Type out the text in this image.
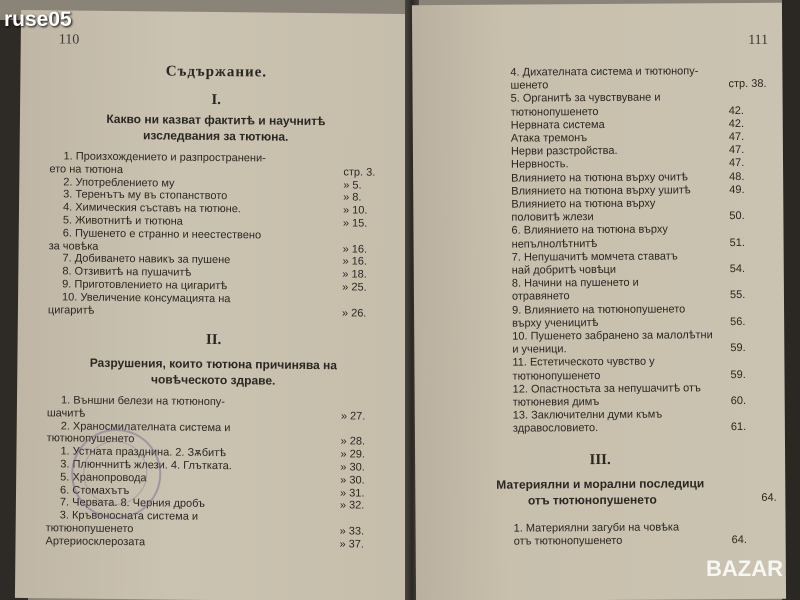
110
Съдържание.
I.
Какво ни казват фактитѣ и научнитѣ
изследвания за тютюна.
1. Произхождението и разпространени-
ето на тютюна	стр. 3.
2. Употреблението му	» 5.
3. Теренътъ му въ стопанството	» 8.
4. Химическия съставъ на тютюне.	» 10.
5. Животнитѣ и тютюна	» 15.
6. Пушенето е странно и неестествено
за човѣка	» 16.
7. Добиването навикъ за пушене	» 16.
8. Отзивитѣ на пушачитѣ	» 18.
9. Приготовлението на цигаритѣ	» 25.
10. Увеличение консумацията на
цигаритѣ	» 26.
II.
Разрушения, които тютюна причинява на
човѣческото здраве.
1. Външни белези на тютюнопу-
шачитѣ	» 27.
2. Храносмилателната система и
тютюнопушенето	» 28.
1. Устната празднина. 2. Зѫбитѣ	» 29.
3. Плюнчнитѣ жлези. 4. Глътката.	» 30.
5. Хранопровода	» 30.
6. Стомахътъ	» 31.
7. Червата. 8. Черния дробъ	» 32.
3. Кръвоносната система и
тютюнопушенето	» 33.
Артериосклерозата	» 37.
111
4. Дихателната система и тютюнопу-
шенето	стр. 38.
5. Органитѣ за чувствуване и
тютюнопушенето	42.
Нервната система	42.
Атака тремонъ	47.
Нерви разстройства.	47.
Нервность.	47.
Влиянието на тютюна върху очитѣ	48.
Влиянието на тютюна върху ушитѣ	49.
Влиянието на тютюна върху
половитѣ жлези	50.
6. Влиянието на тютюна върху
непълнолѣтнитѣ	51.
7. Непушачитѣ момчета ставатъ
най добритѣ човѣци	54.
8. Начини на пушенето и
отравянето	55.
9. Влиянието на тютюнопушенето
върху ученицитѣ	56.
10. Пушенето забранено за малолѣтни
и ученици.	59.
11. Естетическото чувство у
тютюнопушенето	59.
12. Опастностьта за непушачитѣ отъ
тютюневия димъ	60.
13. Заключителни думи къмъ
здравословието.	61.
III.
Материялни и морални последици
отъ тютюнопушенето	64.
1. Материялни загуби на човѣка
отъ тютюнопушенето	64.
ruse05
BAZAR
